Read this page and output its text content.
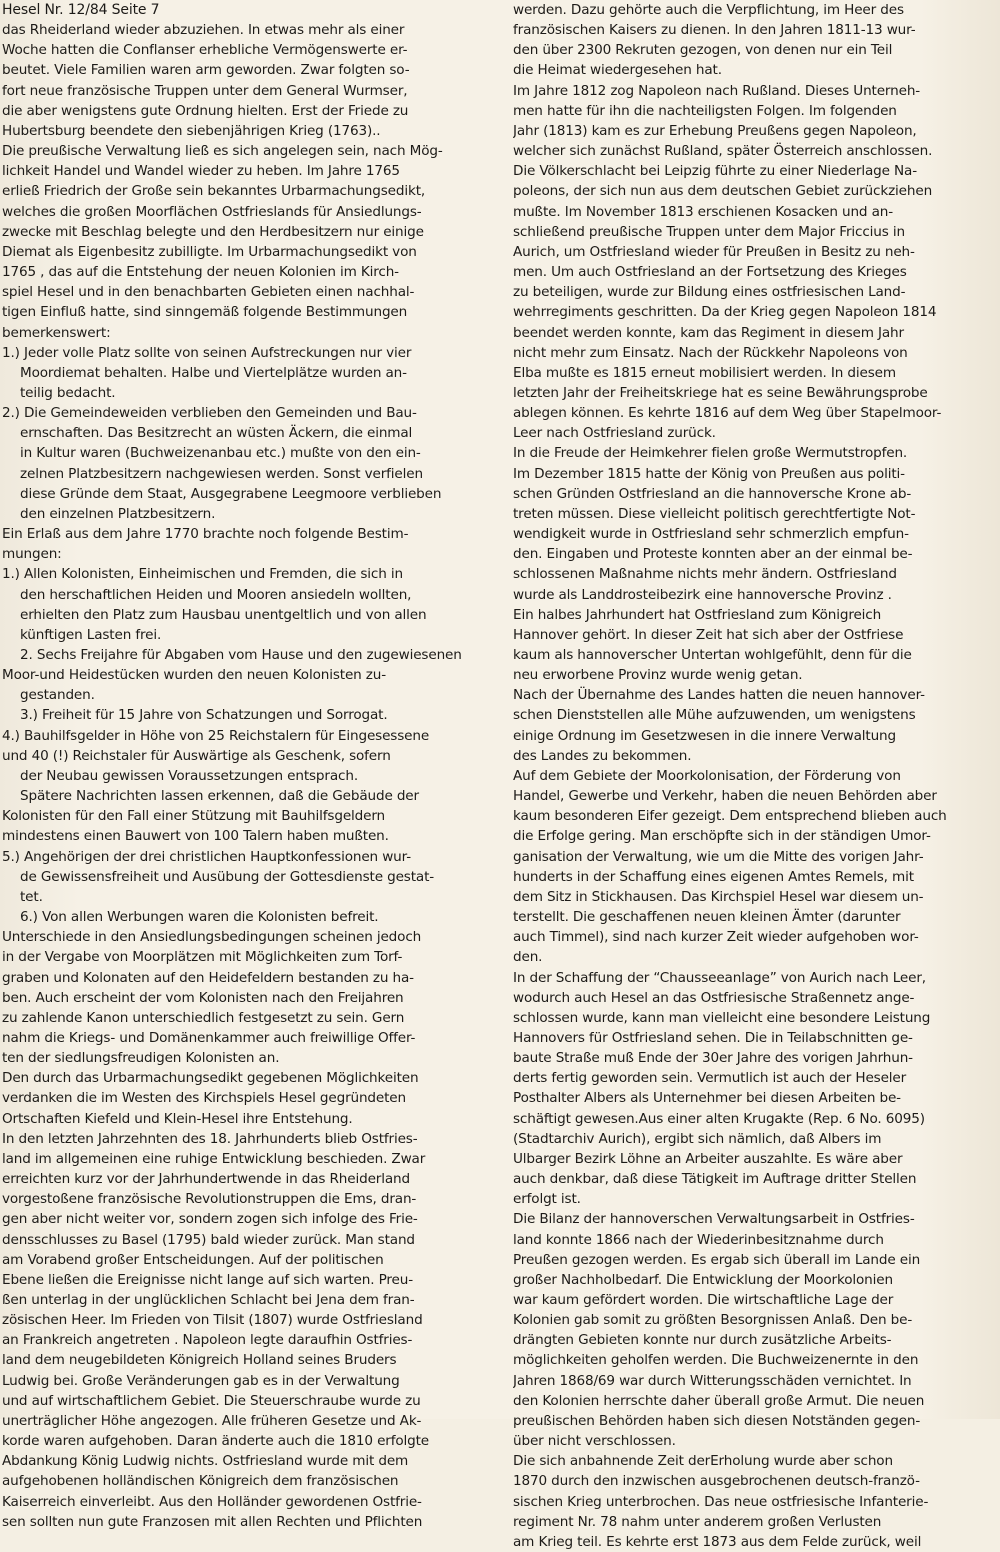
Hesel Nr. 12/84 Seite 7

das Rheiderland wieder abzuziehen. In etwas mehr als einer

Woche hatten die Conflanser erhebliche Vermögenswerte er-

beutet. Viele Familien waren arm geworden. Zwar folgten so-

fort neue französische Truppen unter dem General Wurmser,

die aber wenigstens gute Ordnung hielten. Erst der Friede zu

Hubertsburg beendete den siebenjährigen Krieg (1763)..

Die preußische Verwaltung ließ es sich angelegen sein, nach Mög-

lichkeit Handel und Wandel wieder zu heben. Im Jahre 1765

erließ Friedrich der Große sein bekanntes Urbarmachungsedikt,

welches die großen Moorflächen Ostfrieslands für Ansiedlungs-

zwecke mit Beschlag belegte und den Herdbesitzern nur einige

Diemat als Eigenbesitz zubilligte. Im Urbarmachungsedikt von

1765 , das auf die Entstehung der neuen Kolonien im Kirch-

spiel Hesel und in den benachbarten Gebieten einen nachhal-

tigen Einfluß hatte, sind sinngemäß folgende Bestimmungen

bemerkenswert:

1.) Jeder volle Platz sollte von seinen Aufstreckungen nur vier

Moordiemat behalten. Halbe und Viertelplätze wurden an-

teilig bedacht.

2.) Die Gemeindeweiden verblieben den Gemeinden und Bau-

ernschaften. Das Besitzrecht an wüsten Äckern, die einmal

in Kultur waren (Buchweizenanbau etc.) mußte von den ein-

zelnen Platzbesitzern nachgewiesen werden. Sonst verfielen

diese Gründe dem Staat, Ausgegrabene Leegmoore verblieben

den einzelnen Platzbesitzern.

Ein Erlaß aus dem Jahre 1770 brachte noch folgende Bestim-

mungen:

1.) Allen Kolonisten, Einheimischen und Fremden, die sich in

den herschaftlichen Heiden und Mooren ansiedeln wollten,

erhielten den Platz zum Hausbau unentgeltlich und von allen

künftigen Lasten frei.

2. Sechs Freijahre für Abgaben vom Hause und den zugewiesenen

Moor-und Heidestücken wurden den neuen Kolonisten zu-

gestanden.

3.) Freiheit für 15 Jahre von Schatzungen und Sorrogat.

4.) Bauhilfsgelder in Höhe von 25 Reichstalern für Eingesessene

und 40 (!) Reichstaler für Auswärtige als Geschenk, sofern

der Neubau gewissen Voraussetzungen entsprach.

Spätere Nachrichten lassen erkennen, daß die Gebäude der

Kolonisten für den Fall einer Stützung mit Bauhilfsgeldern

mindestens einen Bauwert von 100 Talern haben mußten.

5.) Angehörigen der drei christlichen Hauptkonfessionen wur-

de Gewissensfreiheit und Ausübung der Gottesdienste gestat-

tet.

6.) Von allen Werbungen waren die Kolonisten befreit.

Unterschiede in den Ansiedlungsbedingungen scheinen jedoch

in der Vergabe von Moorplätzen mit Möglichkeiten zum Torf-

graben und Kolonaten auf den Heidefeldern bestanden zu ha-

ben. Auch erscheint der vom Kolonisten nach den Freijahren

zu zahlende Kanon unterschiedlich festgesetzt zu sein. Gern

nahm die Kriegs- und Domänenkammer auch freiwillige Offer-

ten der siedlungsfreudigen Kolonisten an.

Den durch das Urbarmachungsedikt gegebenen Möglichkeiten

verdanken die im Westen des Kirchspiels Hesel gegründeten

Ortschaften Kiefeld und Klein-Hesel ihre Entstehung.

In den letzten Jahrzehnten des 18. Jahrhunderts blieb Ostfries-

land im allgemeinen eine ruhige Entwicklung beschieden. Zwar

erreichten kurz vor der Jahrhundertwende in das Rheiderland

vorgestoßene französische Revolutionstruppen die Ems, dran-

gen aber nicht weiter vor, sondern zogen sich infolge des Frie-

densschlusses zu Basel (1795) bald wieder zurück. Man stand

am Vorabend großer Entscheidungen. Auf der politischen

Ebene ließen die Ereignisse nicht lange auf sich warten. Preu-

ßen unterlag in der unglücklichen Schlacht bei Jena dem fran-

zösischen Heer. Im Frieden von Tilsit (1807) wurde Ostfriesland

an Frankreich angetreten . Napoleon legte daraufhin Ostfries-

land dem neugebildeten Königreich Holland seines Bruders

Ludwig bei. Große Veränderungen gab es in der Verwaltung

und auf wirtschaftlichem Gebiet. Die Steuerschraube wurde zu

unerträglicher Höhe angezogen. Alle früheren Gesetze und Ak-

korde waren aufgehoben. Daran änderte auch die 1810 erfolgte

Abdankung König Ludwig nichts. Ostfriesland wurde mit dem

aufgehobenen holländischen Königreich dem französischen

Kaiserreich einverleibt. Aus den Holländer gewordenen Ostfrie-

sen sollten nun gute Franzosen mit allen Rechten und Pflichten

werden. Dazu gehörte auch die Verpflichtung, im Heer des

französischen Kaisers zu dienen. In den Jahren 1811-13 wur-

den über 2300 Rekruten gezogen, von denen nur ein Teil

die Heimat wiedergesehen hat.

Im Jahre 1812 zog Napoleon nach Rußland. Dieses Unterneh-

men hatte für ihn die nachteiligsten Folgen. Im folgenden

Jahr (1813) kam es zur Erhebung Preußens gegen Napoleon,

welcher sich zunächst Rußland, später Österreich anschlossen.

Die Völkerschlacht bei Leipzig führte zu einer Niederlage Na-

poleons, der sich nun aus dem deutschen Gebiet zurückziehen

mußte. Im November 1813 erschienen Kosacken und an-

schließend preußische Truppen unter dem Major Friccius in

Aurich, um Ostfriesland wieder für Preußen in Besitz zu neh-

men. Um auch Ostfriesland an der Fortsetzung des Krieges

zu beteiligen, wurde zur Bildung eines ostfriesischen Land-

wehrregiments geschritten. Da der Krieg gegen Napoleon 1814

beendet werden konnte, kam das Regiment in diesem Jahr

nicht mehr zum Einsatz. Nach der Rückkehr Napoleons von

Elba mußte es 1815 erneut mobilisiert werden. In diesem

letzten Jahr der Freiheitskriege hat es seine Bewährungsprobe

ablegen können. Es kehrte 1816 auf dem Weg über Stapelmoor-

Leer nach Ostfriesland zurück.

In die Freude der Heimkehrer fielen große Wermutstropfen.

Im Dezember 1815 hatte der König von Preußen aus politi-

schen Gründen Ostfriesland an die hannoversche Krone ab-

treten müssen. Diese vielleicht politisch gerechtfertigte Not-

wendigkeit wurde in Ostfriesland sehr schmerzlich empfun-

den. Eingaben und Proteste konnten aber an der einmal be-

schlossenen Maßnahme nichts mehr ändern. Ostfriesland

wurde als Landdrosteibezirk eine hannoversche Provinz .

Ein halbes Jahrhundert hat Ostfriesland zum Königreich

Hannover gehört. In dieser Zeit hat sich aber der Ostfriese

kaum als hannoverscher Untertan wohlgefühlt, denn für die

neu erworbene Provinz wurde wenig getan.

Nach der Übernahme des Landes hatten die neuen hannover-

schen Dienststellen alle Mühe aufzuwenden, um wenigstens

einige Ordnung im Gesetzwesen in die innere Verwaltung

des Landes zu bekommen.

Auf dem Gebiete der Moorkolonisation, der Förderung von

Handel, Gewerbe und Verkehr, haben die neuen Behörden aber

kaum besonderen Eifer gezeigt. Dem entsprechend blieben auch

die Erfolge gering. Man erschöpfte sich in der ständigen Umor-

ganisation der Verwaltung, wie um die Mitte des vorigen Jahr-

hunderts in der Schaffung eines eigenen Amtes Remels, mit

dem Sitz in Stickhausen. Das Kirchspiel Hesel war diesem un-

terstellt. Die geschaffenen neuen kleinen Ämter (darunter

auch Timmel), sind nach kurzer Zeit wieder aufgehoben wor-

den.

In der Schaffung der “Chausseeanlage” von Aurich nach Leer,

wodurch auch Hesel an das Ostfriesische Straßennetz ange-

schlossen wurde, kann man vielleicht eine besondere Leistung

Hannovers für Ostfriesland sehen. Die in Teilabschnitten ge-

baute Straße muß Ende der 30er Jahre des vorigen Jahrhun-

derts fertig geworden sein. Vermutlich ist auch der Heseler

Posthalter Albers als Unternehmer bei diesen Arbeiten be-

schäftigt gewesen.Aus einer alten Krugakte (Rep. 6 No. 6095)

(Stadtarchiv Aurich), ergibt sich nämlich, daß Albers im

Ulbarger Bezirk Löhne an Arbeiter auszahlte. Es wäre aber

auch denkbar, daß diese Tätigkeit im Auftrage dritter Stellen

erfolgt ist.

Die Bilanz der hannoverschen Verwaltungsarbeit in Ostfries-

land konnte 1866 nach der Wiederinbesitznahme durch

Preußen gezogen werden. Es ergab sich überall im Lande ein

großer Nachholbedarf. Die Entwicklung der Moorkolonien

war kaum gefördert worden. Die wirtschaftliche Lage der

Kolonien gab somit zu größten Besorgnissen Anlaß. Den be-

drängten Gebieten konnte nur durch zusätzliche Arbeits-

möglichkeiten geholfen werden. Die Buchweizenernte in den

Jahren 1868/69 war durch Witterungsschäden vernichtet. In

den Kolonien herrschte daher überall große Armut. Die neuen

preußischen Behörden haben sich diesen Notständen gegen-

über nicht verschlossen.

Die sich anbahnende Zeit derErholung wurde aber schon

1870 durch den inzwischen ausgebrochenen deutsch-franzö-

sischen Krieg unterbrochen. Das neue ostfriesische Infanterie-

regiment Nr. 78 nahm unter anderem großen Verlusten

am Krieg teil. Es kehrte erst 1873 aus dem Felde zurück, weil
